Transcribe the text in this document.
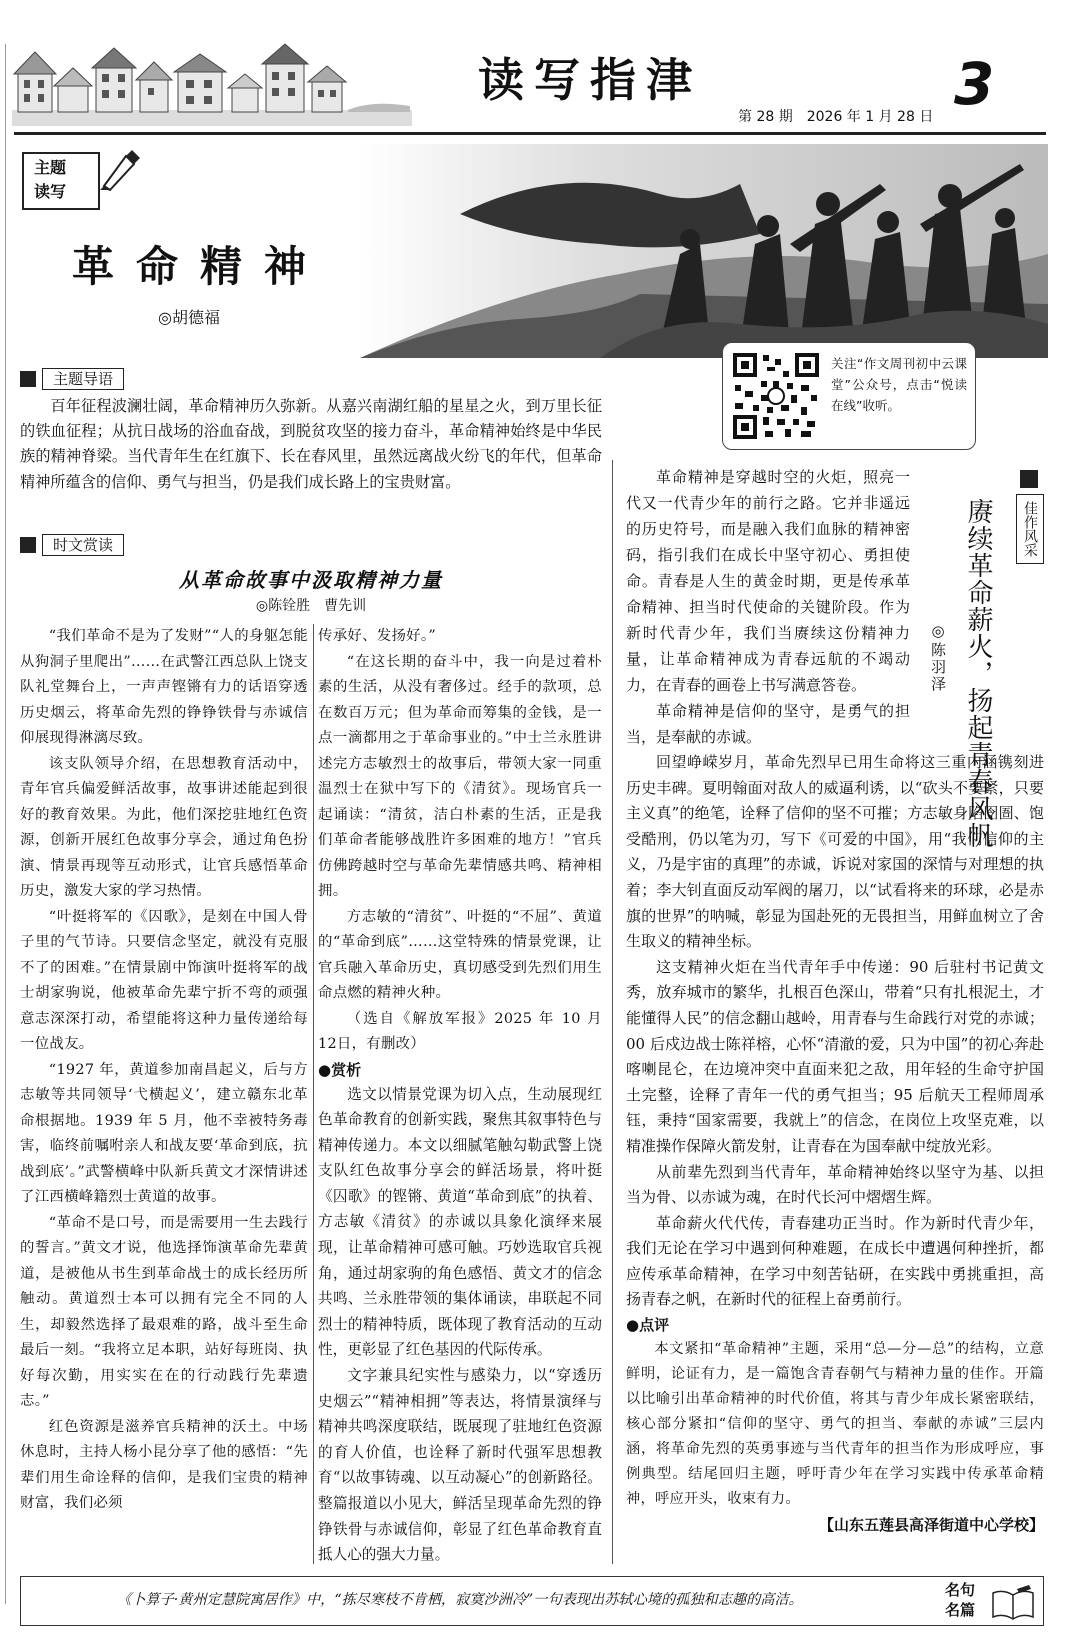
读写指津	3
第 28 期　 2026 年 1 月 28 日
主题
读写
革命精神
◎胡德福
关注“作文周刊初中云课堂”公众号，点击“悦读在线”收听。
主题导语

百年征程波澜壮阔，革命精神历久弥新。从嘉兴南湖红船的星星之火，到万里长征的铁血征程；从抗日战场的浴血奋战，到脱贫攻坚的接力奋斗，革命精神始终是中华民族的精神脊梁。当代青年生在红旗下、长在春风里，虽然远离战火纷飞的年代，但革命精神所蕴含的信仰、勇气与担当，仍是我们成长路上的宝贵财富。

时文赏读
从革命故事中汲取精神力量
◎陈铨胜　曹先训

“我们革命不是为了发财”“人的身躯怎能从狗洞子里爬出”……在武警江西总队上饶支队礼堂舞台上，一声声铿锵有力的话语穿透历史烟云，将革命先烈的铮铮铁骨与赤诚信仰展现得淋漓尽致。

该支队领导介绍，在思想教育活动中，青年官兵偏爱鲜活故事，故事讲述能起到很好的教育效果。为此，他们深挖驻地红色资源，创新开展红色故事分享会，通过角色扮演、情景再现等互动形式，让官兵感悟革命历史，激发大家的学习热情。

“叶挺将军的《囚歌》，是刻在中国人骨子里的气节诗。只要信念坚定，就没有克服不了的困难。”在情景剧中饰演叶挺将军的战士胡家驹说，他被革命先辈宁折不弯的顽强意志深深打动，希望能将这种力量传递给每一位战友。

“1927 年，黄道参加南昌起义，后与方志敏等共同领导‘弋横起义’，建立赣东北革命根据地。1939 年 5 月，他不幸被特务毒害，临终前嘱咐亲人和战友要‘革命到底，抗战到底’。”武警横峰中队新兵黄文才深情讲述了江西横峰籍烈士黄道的故事。

“革命不是口号，而是需要用一生去践行的誓言。”黄文才说，他选择饰演革命先辈黄道，是被他从书生到革命战士的成长经历所触动。黄道烈士本可以拥有完全不同的人生，却毅然选择了最艰难的路，战斗至生命最后一刻。“我将立足本职，站好每班岗、执好每次勤，用实实在在的行动践行先辈遗志。”

红色资源是滋养官兵精神的沃土。中场休息时，主持人杨小昆分享了他的感悟：“先辈们用生命诠释的信仰，是我们宝贵的精神财富，我们必须

传承好、发扬好。”

“在这长期的奋斗中，我一向是过着朴素的生活，从没有奢侈过。经手的款项，总在数百万元；但为革命而筹集的金钱，是一点一滴都用之于革命事业的。”中士兰永胜讲述完方志敏烈士的故事后，带领大家一同重温烈士在狱中写下的《清贫》。现场官兵一起诵读：“清贫，洁白朴素的生活，正是我们革命者能够战胜许多困难的地方！”官兵仿佛跨越时空与革命先辈情感共鸣、精神相拥。

方志敏的“清贫”、叶挺的“不屈”、黄道的“革命到底”……这堂特殊的情景党课，让官兵融入革命历史，真切感受到先烈们用生命点燃的精神火种。

（选自《解放军报》2025 年 10 月 12日，有删改）

●赏析

选文以情景党课为切入点，生动展现红色革命教育的创新实践，聚焦其叙事特色与精神传递力。本文以细腻笔触勾勒武警上饶支队红色故事分享会的鲜活场景，将叶挺《囚歌》的铿锵、黄道“革命到底”的执着、方志敏《清贫》的赤诚以具象化演绎来展现，让革命精神可感可触。巧妙选取官兵视角，通过胡家驹的角色感悟、黄文才的信念共鸣、兰永胜带领的集体诵读，串联起不同烈士的精神特质，既体现了教育活动的互动性，更彰显了红色基因的代际传承。

文字兼具纪实性与感染力，以“穿透历史烟云”“精神相拥”等表达，将情景演绎与精神共鸣深度联结，既展现了驻地红色资源的育人价值，也诠释了新时代强军思想教育“以故事铸魂、以互动凝心”的创新路径。整篇报道以小见大，鲜活呈现革命先烈的铮铮铁骨与赤诚信仰，彰显了红色革命教育直抵人心的强大力量。

佳作风采
赓续革命薪火，扬起青春风帆
◎陈羽泽

革命精神是穿越时空的火炬，照亮一代又一代青少年的前行之路。它并非遥远的历史符号，而是融入我们血脉的精神密码，指引我们在成长中坚守初心、勇担使命。青春是人生的黄金时期，更是传承革命精神、担当时代使命的关键阶段。作为新时代青少年，我们当赓续这份精神力量，让革命精神成为青春远航的不竭动力，在青春的画卷上书写满意答卷。

革命精神是信仰的坚守，是勇气的担当，是奉献的赤诚。

回望峥嵘岁月，革命先烈早已用生命将这三重内涵镌刻进历史丰碑。夏明翰面对敌人的威逼利诱，以“砍头不要紧，只要主义真”的绝笔，诠释了信仰的坚不可摧；方志敏身陷囹圄、饱受酷刑，仍以笔为刃，写下《可爱的中国》，用“我们信仰的主义，乃是宇宙的真理”的赤诚，诉说对家国的深情与对理想的执着；李大钊直面反动军阀的屠刀，以“试看将来的环球，必是赤旗的世界”的呐喊，彰显为国赴死的无畏担当，用鲜血树立了舍生取义的精神坐标。

这支精神火炬在当代青年手中传递：90 后驻村书记黄文秀，放弃城市的繁华，扎根百色深山，带着“只有扎根泥土，才能懂得人民”的信念翻山越岭，用青春与生命践行对党的赤诚；00 后戍边战士陈祥榕，心怀“清澈的爱，只为中国”的初心奔赴喀喇昆仑，在边境冲突中直面来犯之敌，用年轻的生命守护国土完整，诠释了青年一代的勇气担当；95 后航天工程师周承钰，秉持“国家需要，我就上”的信念，在岗位上攻坚克难，以精准操作保障火箭发射，让青春在为国奉献中绽放光彩。

从前辈先烈到当代青年，革命精神始终以坚守为基、以担当为骨、以赤诚为魂，在时代长河中熠熠生辉。

革命薪火代代传，青春建功正当时。作为新时代青少年，我们无论在学习中遇到何种难题，在成长中遭遇何种挫折，都应传承革命精神，在学习中刻苦钻研，在实践中勇挑重担，高扬青春之帆，在新时代的征程上奋勇前行。

●点评

本文紧扣“革命精神”主题，采用“总—分—总”的结构，立意鲜明，论证有力，是一篇饱含青春朝气与精神力量的佳作。开篇以比喻引出革命精神的时代价值，将其与青少年成长紧密联结，核心部分紧扣“信仰的坚守、勇气的担当、奉献的赤诚”三层内涵，将革命先烈的英勇事迹与当代青年的担当作为形成呼应，事例典型。结尾回归主题，呼吁青少年在学习实践中传承革命精神，呼应开头，收束有力。

【山东五莲县高泽街道中心学校】
《卜算子·黄州定慧院寓居作》中，“拣尽寒枝不肯栖，寂寞沙洲冷”一句表现出苏轼心境的孤独和志趣的高洁。
名句
名篇
